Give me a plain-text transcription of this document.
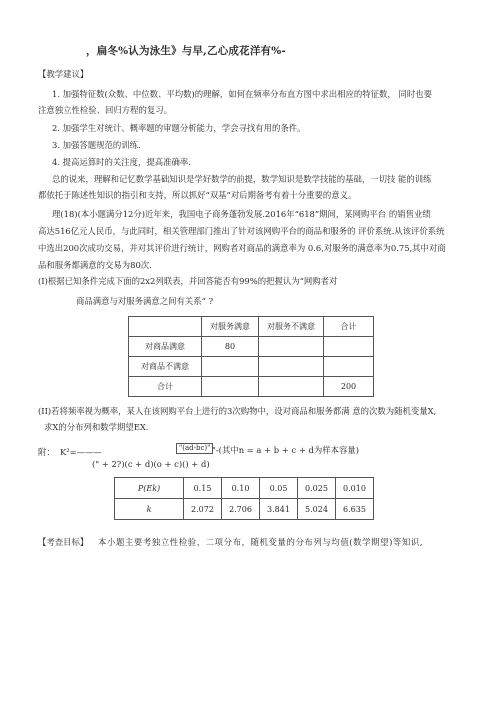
，扁冬%认为泳生》与早,乙心成花洋有%-
【教学建议】
1. 加强特征数(众数、中位数、平均数)的理解，如何在频率分布直方图中求出相应的特征数， 同时也要
注意独立性检验、回归方程的复习。
2. 加强学生对统计、概率题的审题分析能力，学会寻找有用的条件。
3. 加强答题规范的训练.
4. 提高运算时的关注度，提高准确率.
总的说来，理解和记忆数学基础知识是学好数学的前提，数学知识是数学技能的基础，一切技 能的训练
都依托于陈述性知识的指引和支持，所以抓好“双基”对后期备考有着十分重要的意义。
理(18)(本小题满分12分)近年来，我国电子商务蓬勃发展.2016年“618”期间，某网购平台 的销售业绩
高达516亿元人民币，与此同时，相关管理部门推出了针对该网购平台的商品和服务的 评价系统.从该评价系统
中选出200次成功交易，并对其评价进行统计，网购者对商品的满意率为 0.6,对服务的满意率为0.75,其中对商
品和服务都满意的交易为80次.
(I)根据已知条件完成下面的2x2列联表，并回答能否有99%的把握认为“网购者对
商品满意与对服务满意之间有关系” ?
	对服务满意	对服务不满意	合计
对商品满意	80		
对商品不满意			
合计			200
(II)若将频率视为概率，某人在该网购平台上进行的3次购物中，设对商品和服务都满 意的次数为随机变量X,
求X的分布列和数学期望EX.
附： K²=———	"(ad-bc)" "-(其中n = a + b + c + d为样本容量)
(" + 2?)(c + d)(o + c)() + d)
P(Ek)	0.15	0.10	0.05	0.025	0.010
k	2.072	2.706	3.841	5.024	6.635
【考查目标】 本小题主要考独立性检验，二项分布，随机变量的分布列与均值(数学期望)等知识,
